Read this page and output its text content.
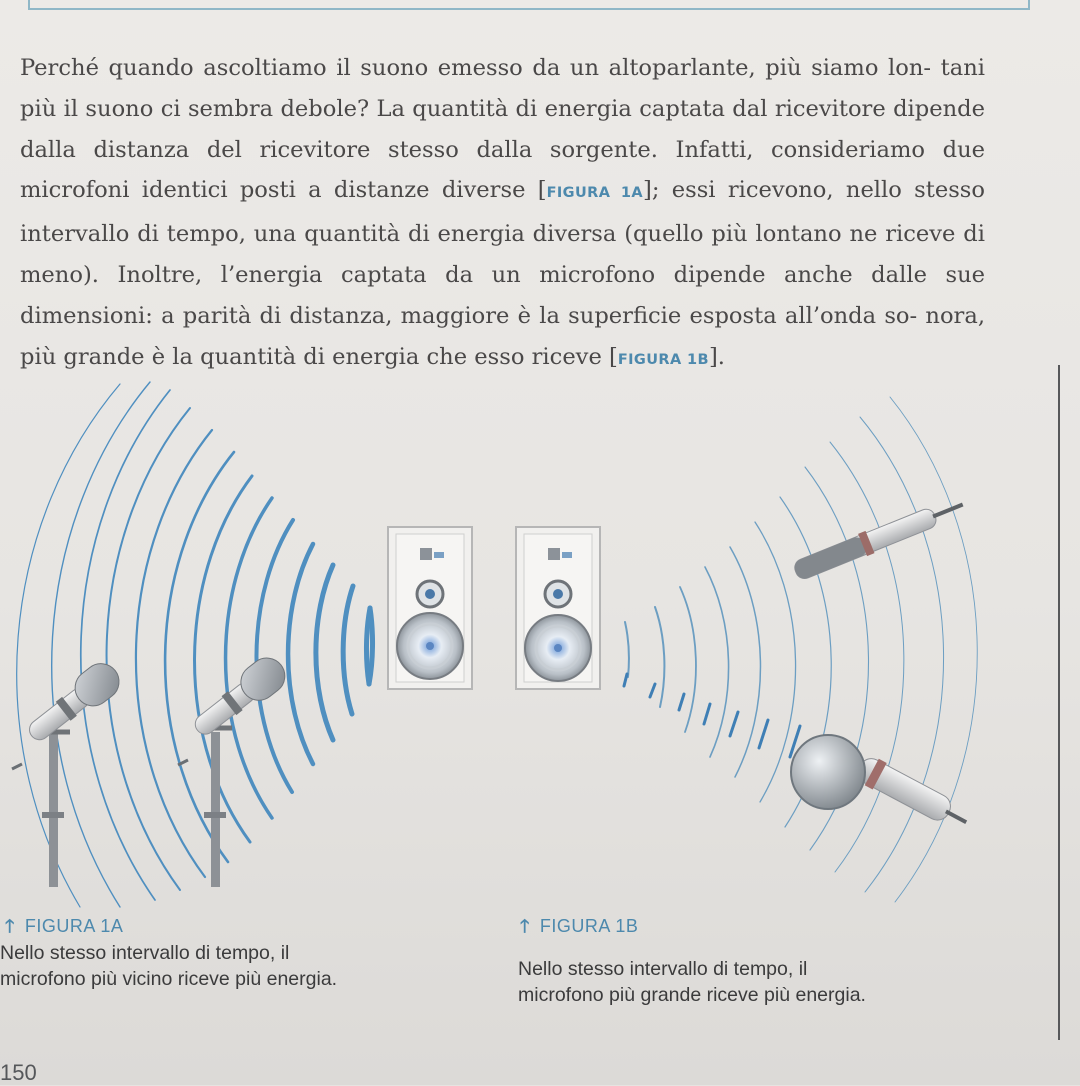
Perché quando ascoltiamo il suono emesso da un altoparlante, più siamo lon- tani più il suono ci sembra debole? La quantità di energia captata dal ricevitore dipende dalla distanza del ricevitore stesso dalla sorgente. Infatti, consideriamo due microfoni identici posti a distanze diverse [FIGURA 1A]; essi ricevono, nello stesso intervallo di tempo, una quantità di energia diversa (quello più lontano ne riceve di meno). Inoltre, l’energia captata da un microfono dipende anche dalle sue dimensioni: a parità di distanza, maggiore è la superficie esposta all’onda so- nora, più grande è la quantità di energia che esso riceve [FIGURA 1B].

🡑 FIGURA 1A
Nello stesso intervallo di tempo, il
microfono più vicino riceve più energia.
🡑 FIGURA 1B
Nello stesso intervallo di tempo, il
microfono più grande riceve più energia.
150
